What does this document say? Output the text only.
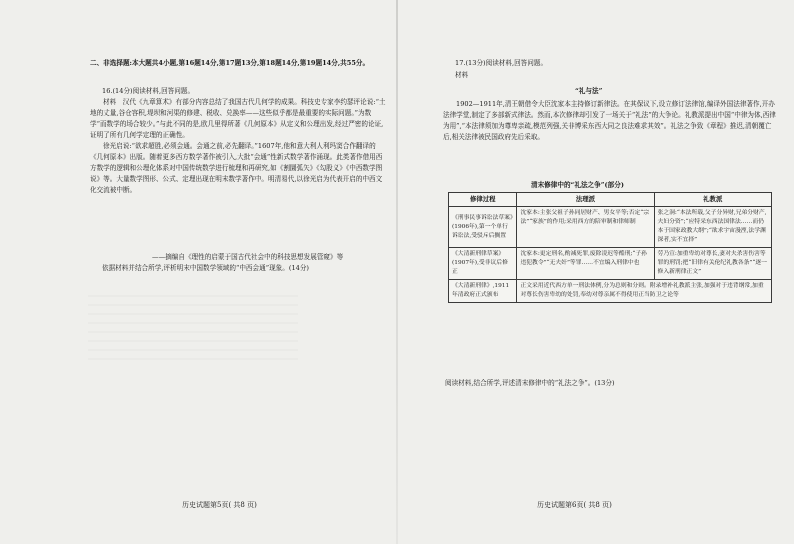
二、非选择题:本大题共4小题,第16题14分,第17题13分,第18题14分,第19题14分,共55分。
16.(14分)阅读材料,回答问题。

材料　汉代《九章算术》有部分内容总结了我国古代几何学的成果。科技史专家李约瑟评论说:“土地的丈量,谷仓容积,堤坝和河渠的修建、税收、兑换率——这些似乎都是最重要的实际问题。”为数学“而数学的场合较少。”与此不同的是,欧几里得所著《几何原本》从定义和公理出发,经过严密的论证,证明了所有几何学定理的正确性。

徐光启说:“欲求超胜,必须会通。会通之前,必先翻译。”1607年,他和意大利人利玛窦合作翻译的《几何原本》出版。随着更多西方数学著作被引入,大批“会通”性新式数学著作涌现。此类著作借用西方数学的逻辑和公理化体系对中国传统数学进行梳理和再研究,如《割圜弧矢》《勾股义》《中西数学图说》等。大量数学图形、公式、定理出现在明末数学著作中。明清易代,以徐光启为代表开启的中西文化交流被中断。

——摘编自《理性的启蒙于国古代社会中的科技思想发展管窥》等
依据材料并结合所学,评析明末中国数学领域的“中西会通”现象。(14分)
历史试题第5页( 共8 页)
17.(13分)阅读材料,回答问题。
材料
“礼与法”
1902—1911年,清王朝借令大臣沈家本主持修订新律法。在其保议下,设立修订法律馆,编译外国法律著作,开办法律学堂,制定了多部新式律法。然而,本次修律却引发了一场关于“礼法”的大争论。礼教派提出中国“中律为体,西律为用”,“本法律须加为尊卑亲疏,模范列强,关非博采东西大同之良法难求其效”。礼法之争致《章程》推迟,清朝覆亡后,相关法律被民国政府先后采取。
清末修律中的“礼法之争”(部分)
阅读材料,结合所学,评述清末修律中的“礼法之争”。(13分)
历史试题第6页( 共8 页)
修律过程	法理派	礼教派
《刑事民事诉讼法草案》(1906年),第一个单行诉讼法,受驳斥后搁置	沈家本:主张父祖子孙同居财产、男女平等;否定“宗法”“家族”的作用;采用西方的陪审制和律师制	张之洞:“本法所载,父子分异财,兄弟分财产,夫妇分资”;“应特采东西法国律法……而仍本于国家政教大纲”;“欲求宇宙漫湮,法学渊深者,实不宜择”
《大清新刑律草案》(1907年),受非议后修正	沈家本:更定刑名,酌减死罪,废除凌迟等酷刑;“子孙违犯教令”“无夫奸”等罪……不宜编入刑律中也	劳乃宣:加重卑幼对尊长,妻对夫杀害伤害等罪的刑罚;把“旧律有关伦纪礼教各条”“逐一修入新刑律正文”
《大清新刑律》,1911年清政府正式颁布	正文采用近代西方单一刑法体例,分为总则和分则。附录增补礼教派主张,加强对于违背纲常,加重对尊长伤害卑幼的处罚,奉幼对尊亲属不得使用正当防卫之论等	
